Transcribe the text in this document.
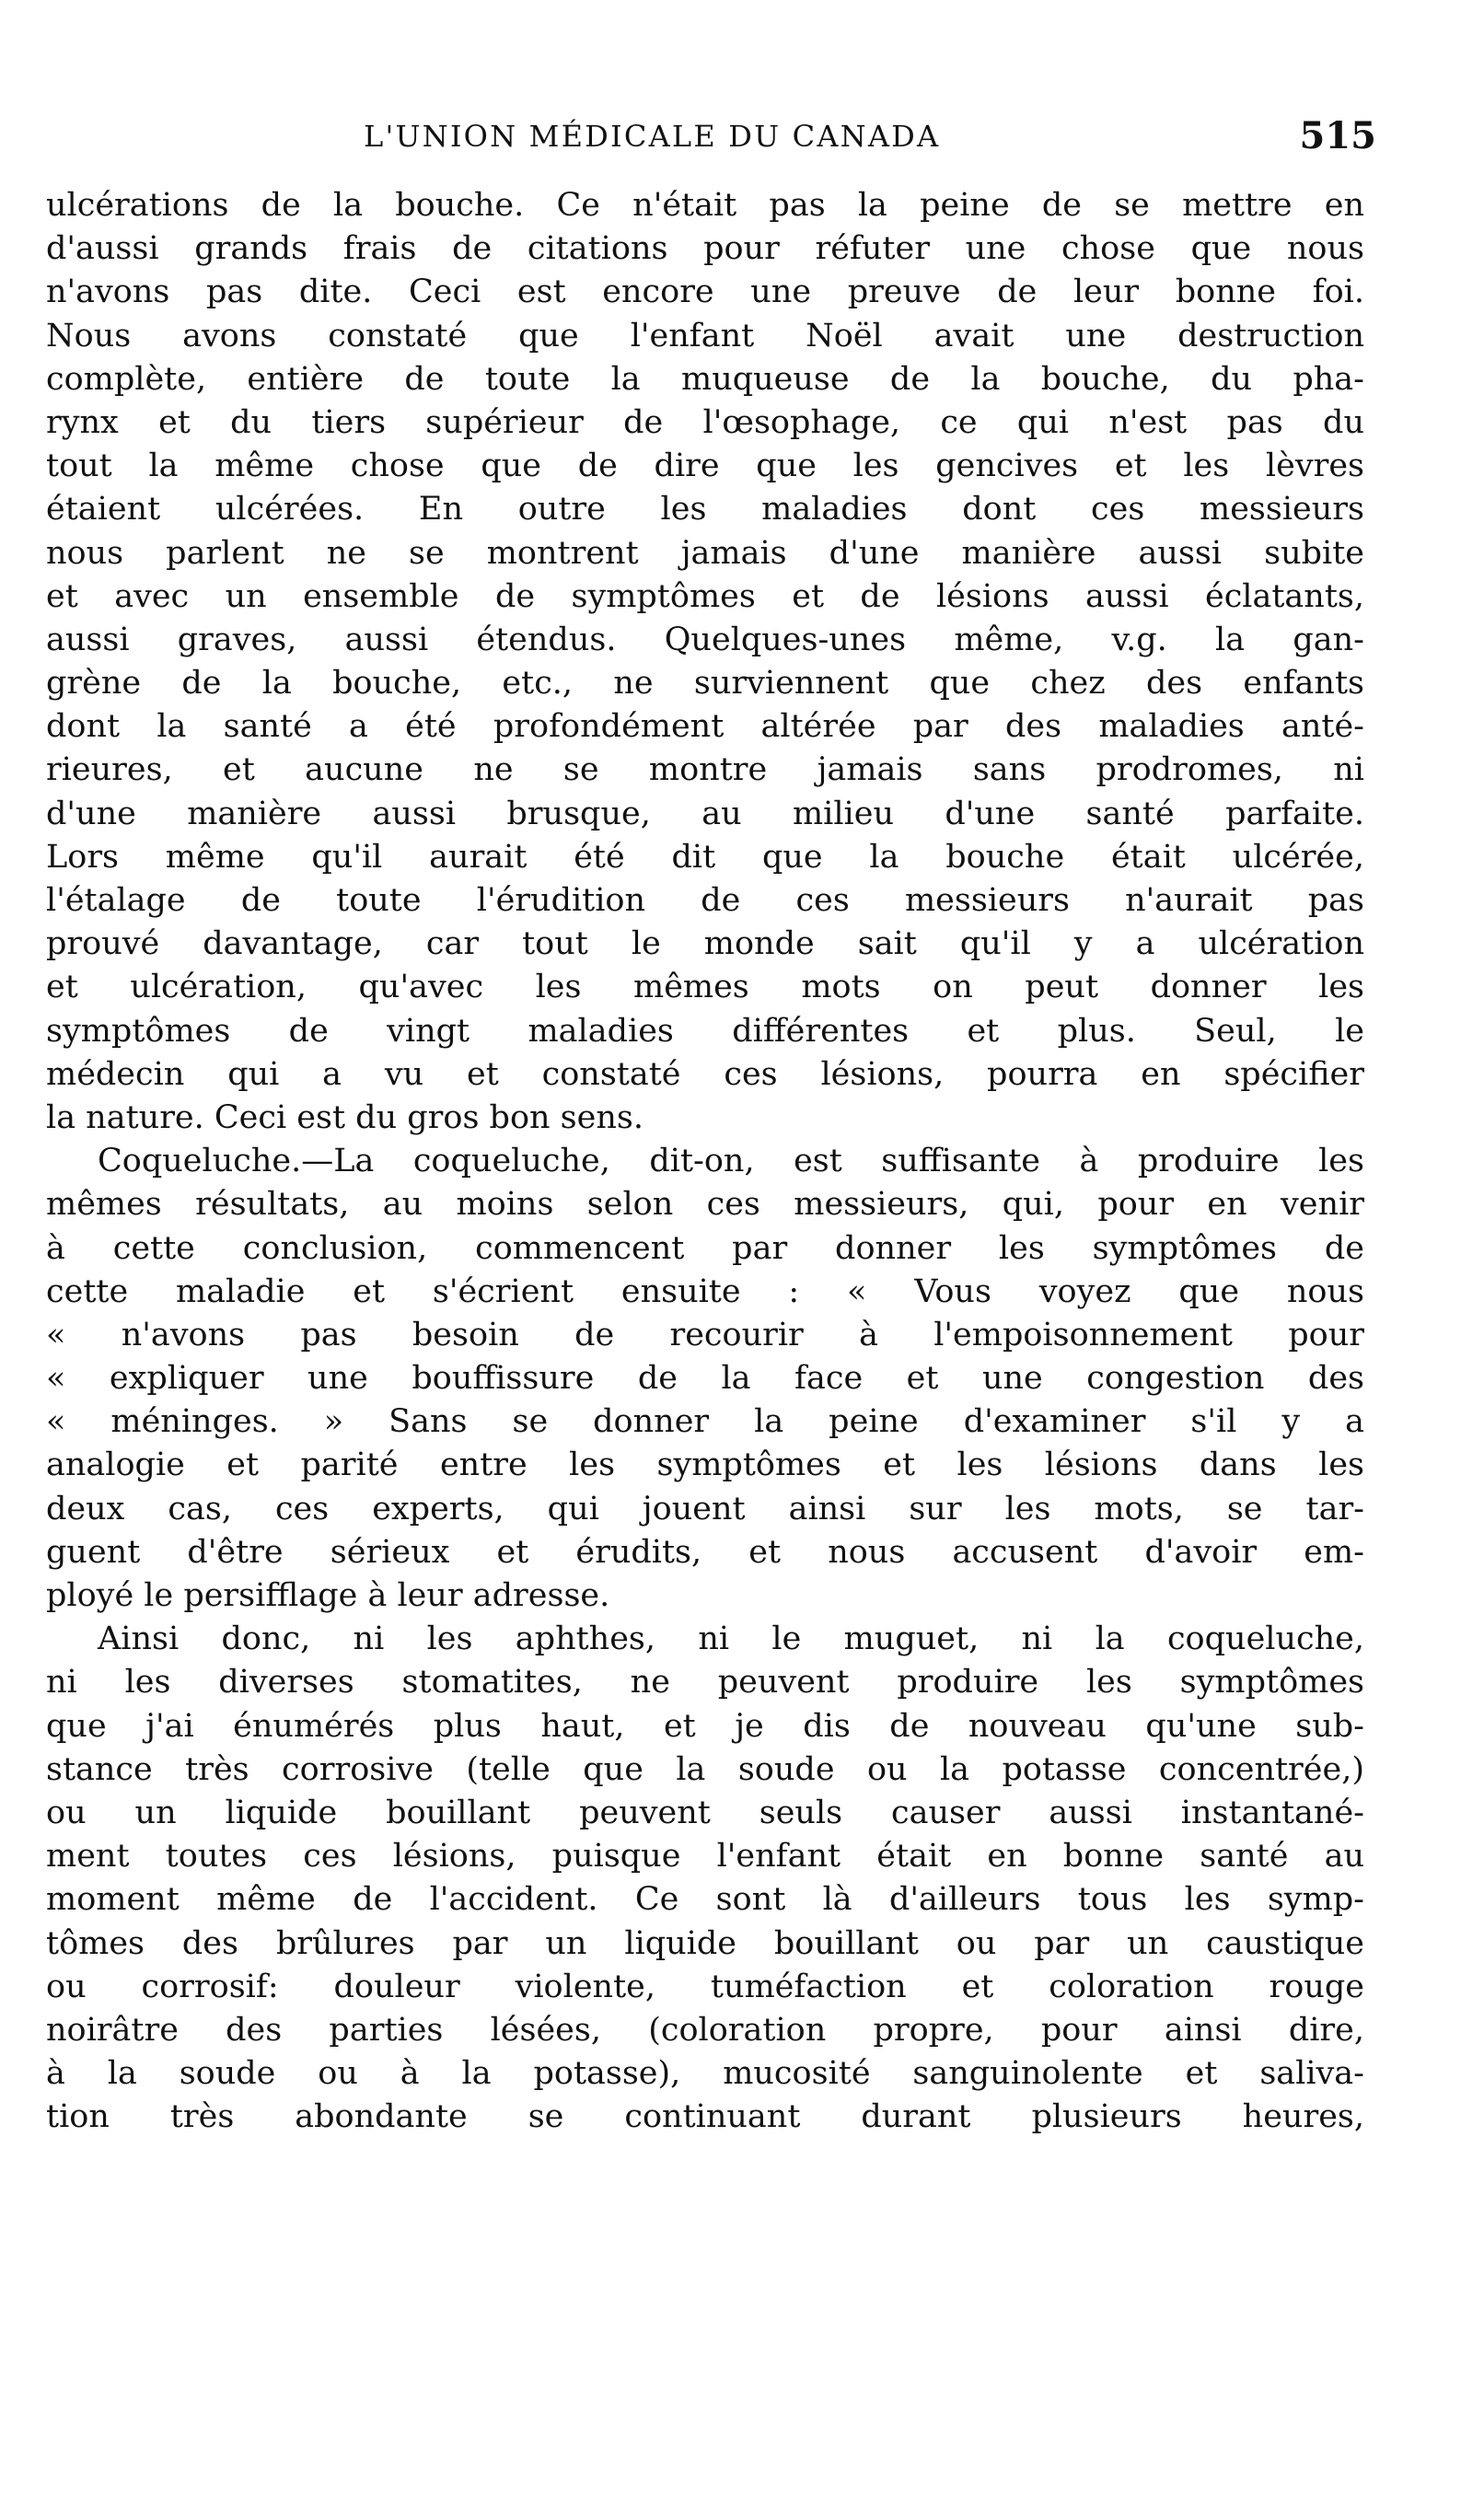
L'UNION MÉDICALE DU CANADA	515
ulcérations de la bouche. Ce n'était pas la peine de se mettre en
d'aussi grands frais de citations pour réfuter une chose que nous
n'avons pas dite. Ceci est encore une preuve de leur bonne foi.
Nous avons constaté que l'enfant Noël avait une destruction
complète, entière de toute la muqueuse de la bouche, du pha-
rynx et du tiers supérieur de l'œsophage, ce qui n'est pas du
tout la même chose que de dire que les gencives et les lèvres
étaient ulcérées. En outre les maladies dont ces messieurs
nous parlent ne se montrent jamais d'une manière aussi subite
et avec un ensemble de symptômes et de lésions aussi éclatants,
aussi graves, aussi étendus. Quelques-unes même, v.g. la gan-
grène de la bouche, etc., ne surviennent que chez des enfants
dont la santé a été profondément altérée par des maladies anté-
rieures, et aucune ne se montre jamais sans prodromes, ni
d'une manière aussi brusque, au milieu d'une santé parfaite.
Lors même qu'il aurait été dit que la bouche était ulcérée,
l'étalage de toute l'érudition de ces messieurs n'aurait pas
prouvé davantage, car tout le monde sait qu'il y a ulcération
et ulcération, qu'avec les mêmes mots on peut donner les
symptômes de vingt maladies différentes et plus. Seul, le
médecin qui a vu et constaté ces lésions, pourra en spécifier
la nature. Ceci est du gros bon sens.
Coqueluche.—La coqueluche, dit-on, est suffisante à produire les
mêmes résultats, au moins selon ces messieurs, qui, pour en venir
à cette conclusion, commencent par donner les symptômes de
cette maladie et s'écrient ensuite : « Vous voyez que nous
« n'avons pas besoin de recourir à l'empoisonnement pour
« expliquer une bouffissure de la face et une congestion des
« méninges. » Sans se donner la peine d'examiner s'il y a
analogie et parité entre les symptômes et les lésions dans les
deux cas, ces experts, qui jouent ainsi sur les mots, se tar-
guent d'être sérieux et érudits, et nous accusent d'avoir em-
ployé le persifflage à leur adresse.
Ainsi donc, ni les aphthes, ni le muguet, ni la coqueluche,
ni les diverses stomatites, ne peuvent produire les symptômes
que j'ai énumérés plus haut, et je dis de nouveau qu'une sub-
stance très corrosive (telle que la soude ou la potasse concentrée,)
ou un liquide bouillant peuvent seuls causer aussi instantané-
ment toutes ces lésions, puisque l'enfant était en bonne santé au
moment même de l'accident. Ce sont là d'ailleurs tous les symp-
tômes des brûlures par un liquide bouillant ou par un caustique
ou corrosif: douleur violente, tuméfaction et coloration rouge
noirâtre des parties lésées, (coloration propre, pour ainsi dire,
à la soude ou à la potasse), mucosité sanguinolente et saliva-
tion très abondante se continuant durant plusieurs heures,
